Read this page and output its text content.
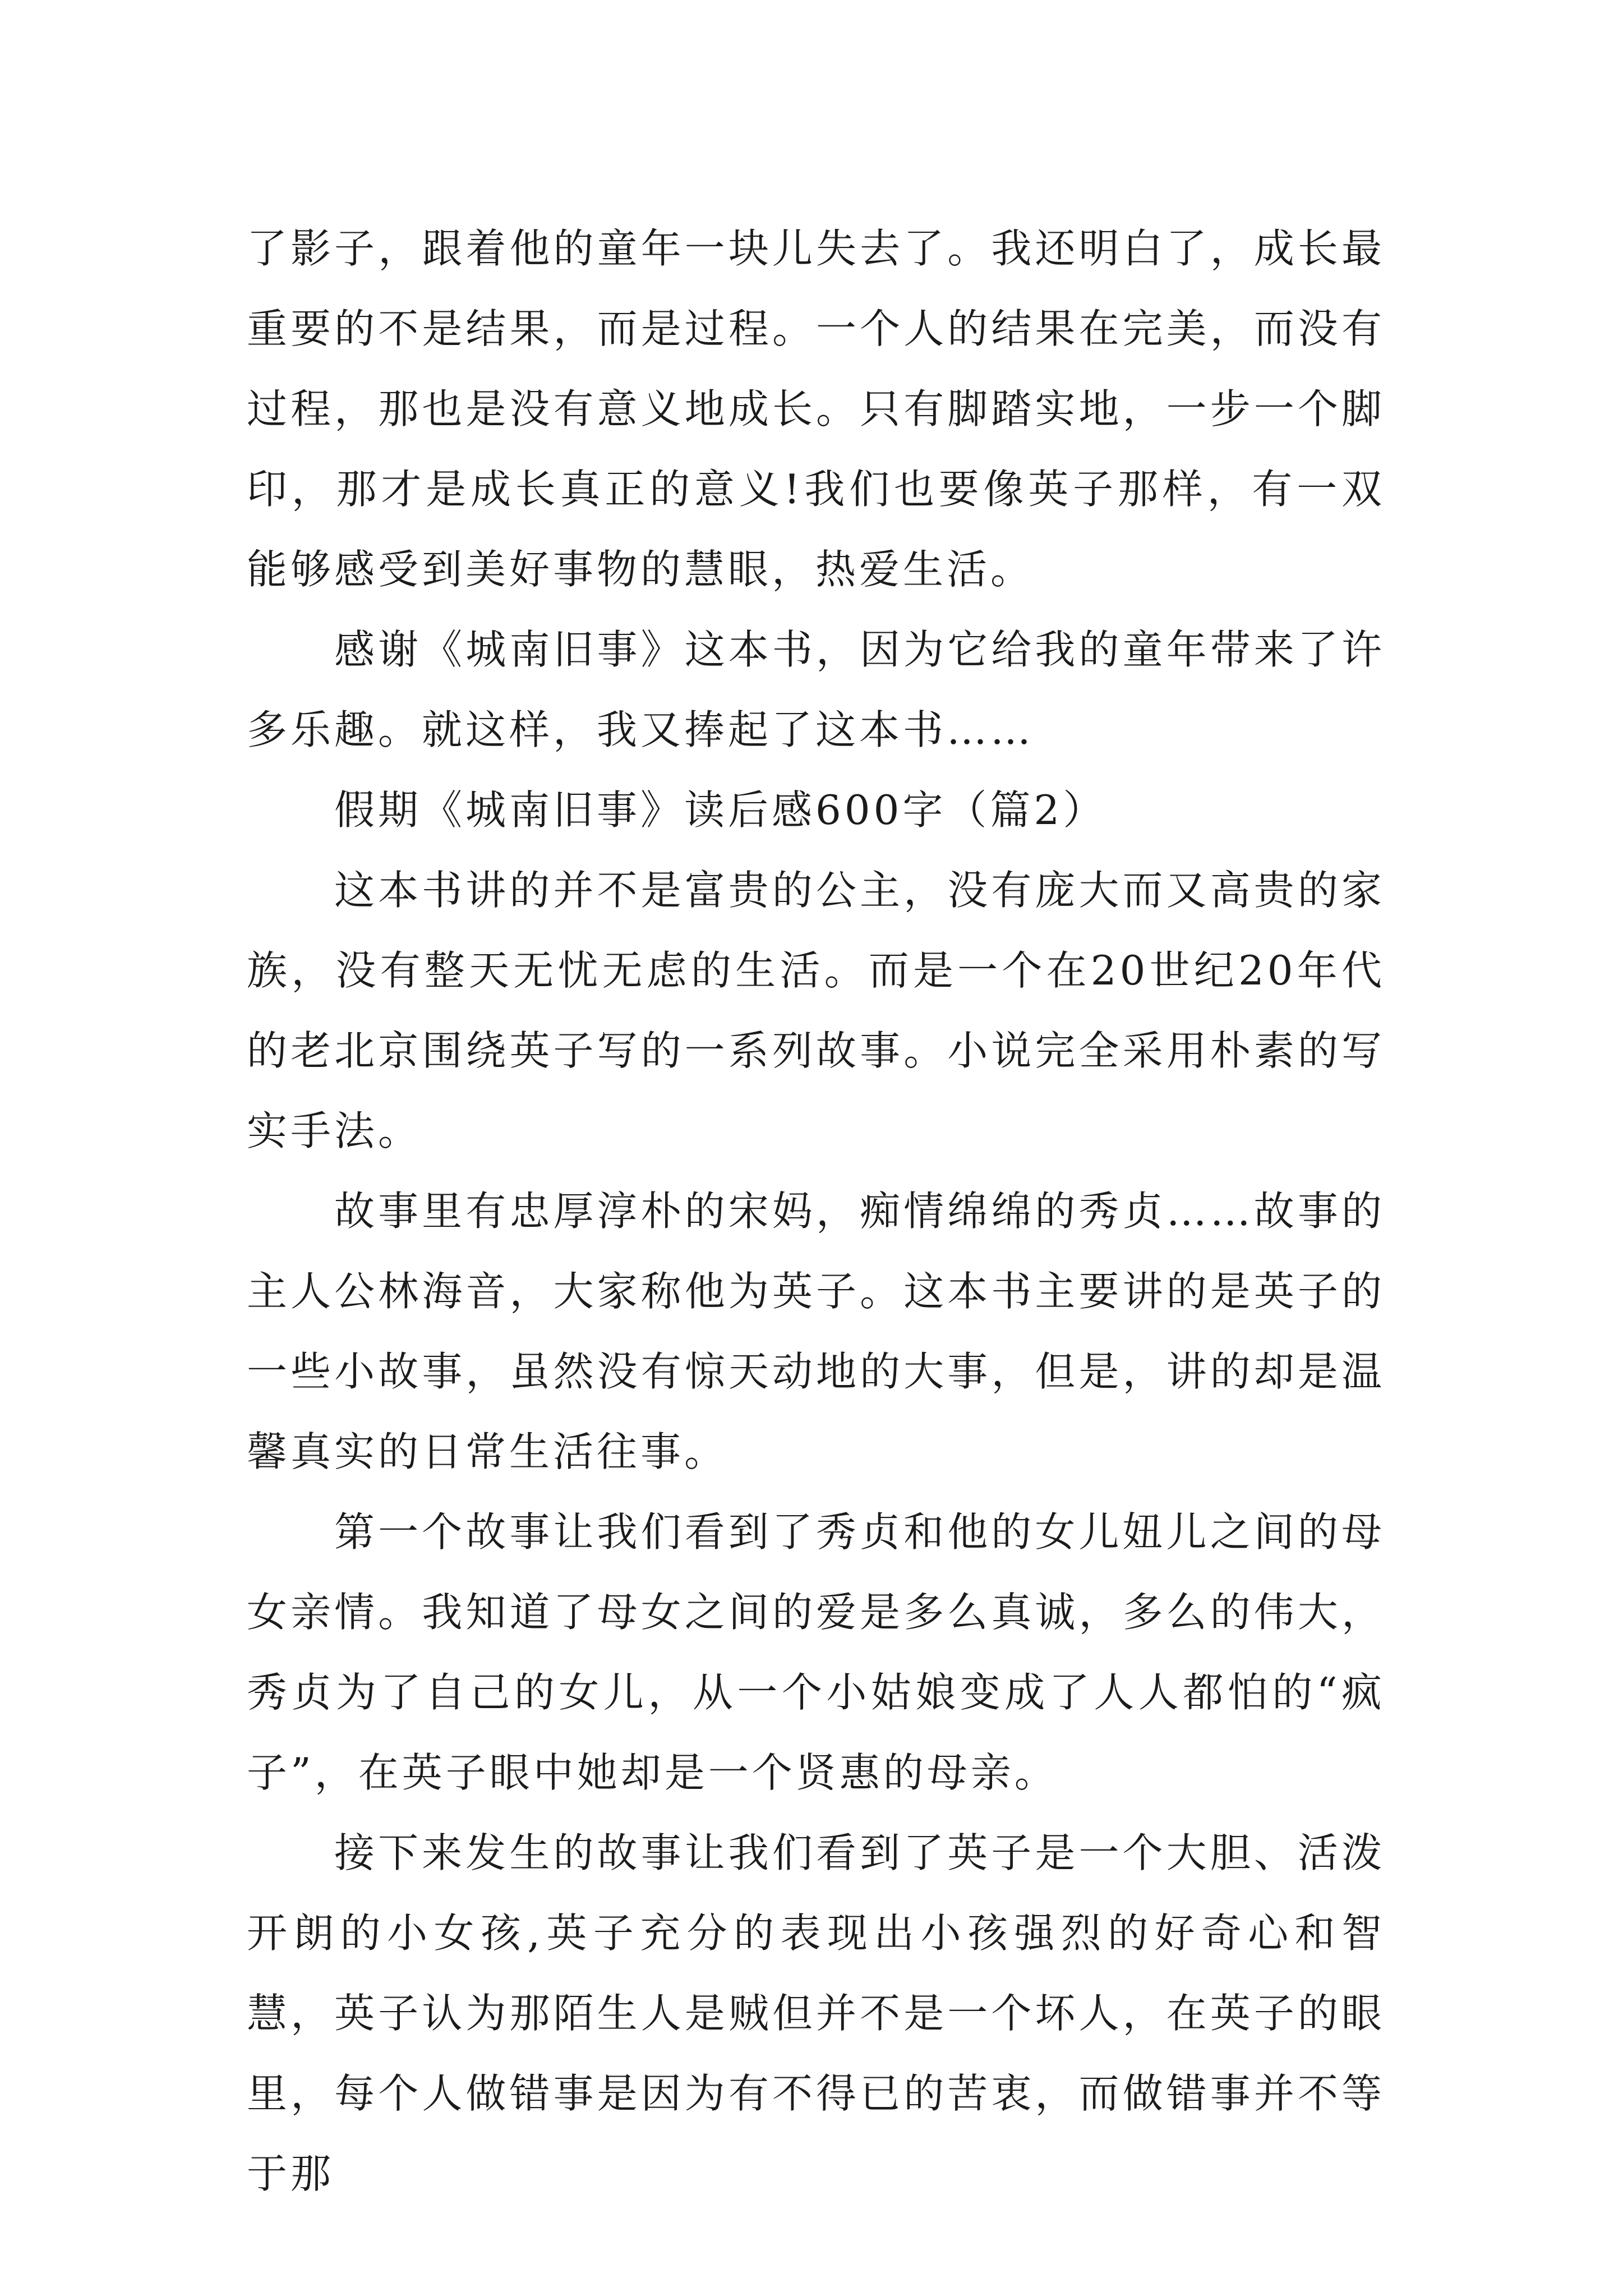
了影子，跟着他的童年一块儿失去了。我还明白了，成长最重要的不是结果，而是过程。一个人的结果在完美，而没有过程，那也是没有意义地成长。只有脚踏实地，一步一个脚印，那才是成长真正的意义!我们也要像英子那样，有一双能够感受到美好事物的慧眼，热爱生活。

感谢《城南旧事》这本书，因为它给我的童年带来了许多乐趣。就这样，我又捧起了这本书……

假期《城南旧事》读后感600字（篇2）

这本书讲的并不是富贵的公主，没有庞大而又高贵的家族，没有整天无忧无虑的生活。而是一个在20世纪20年代的老北京围绕英子写的一系列故事。小说完全采用朴素的写实手法。

故事里有忠厚淳朴的宋妈，痴情绵绵的秀贞……故事的主人公林海音，大家称他为英子。这本书主要讲的是英子的一些小故事，虽然没有惊天动地的大事，但是，讲的却是温馨真实的日常生活往事。

第一个故事让我们看到了秀贞和他的女儿妞儿之间的母女亲情。我知道了母女之间的爱是多么真诚，多么的伟大，秀贞为了自己的女儿，从一个小姑娘变成了人人都怕的“疯子”，在英子眼中她却是一个贤惠的母亲。

接下来发生的故事让我们看到了英子是一个大胆、活泼开朗的小女孩,英子充分的表现出小孩强烈的好奇心和智慧，英子认为那陌生人是贼但并不是一个坏人，在英子的眼里，每个人做错事是因为有不得已的苦衷，而做错事并不等于那
